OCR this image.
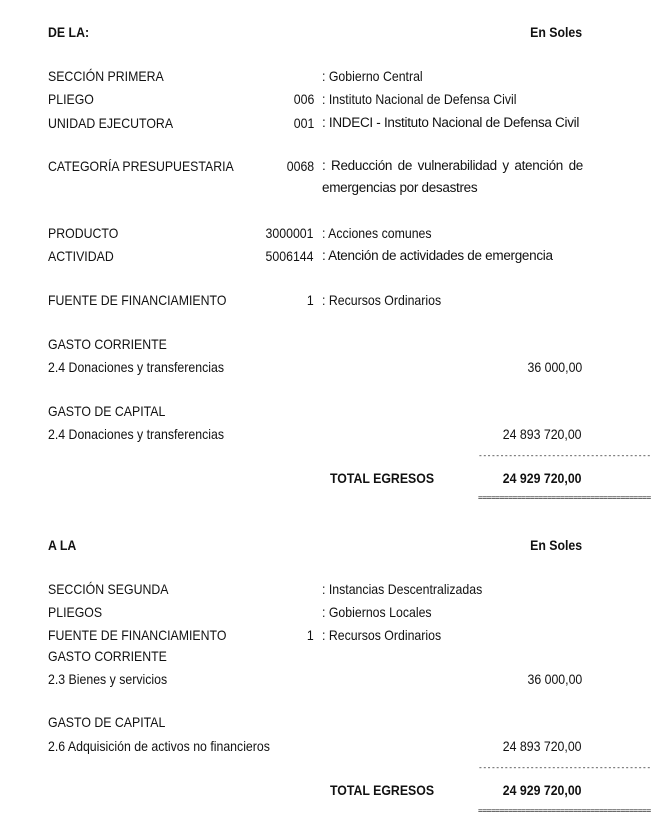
DE LA:	En Soles
SECCIÓN PRIMERA	: Gobierno Central
PLIEGO	006 : Instituto Nacional de Defensa Civil
UNIDAD EJECUTORA	001 : INDECI - Instituto Nacional de Defensa Civil
CATEGORÍA PRESUPUESTARIA	0068 : Reducción de vulnerabilidad y atención de emergencias por desastres
PRODUCTO	3000001 : Acciones comunes
ACTIVIDAD	5006144 : Atención de actividades de emergencia
FUENTE DE FINANCIAMIENTO	1 : Recursos Ordinarios
GASTO CORRIENTE
2.4 Donaciones y transferencias	36 000,00
GASTO DE CAPITAL
2.4 Donaciones y transferencias	24 893 720,00
----------------------------------------
TOTAL EGRESOS	24 929 720,00
========================================
A LA	En Soles
SECCIÓN SEGUNDA	: Instancias Descentralizadas
PLIEGOS	: Gobiernos Locales
FUENTE DE FINANCIAMIENTO	1 : Recursos Ordinarios
GASTO CORRIENTE
2.3 Bienes y servicios	36 000,00
GASTO DE CAPITAL
2.6 Adquisición de activos no financieros	24 893 720,00
----------------------------------------
TOTAL EGRESOS	24 929 720,00
========================================
